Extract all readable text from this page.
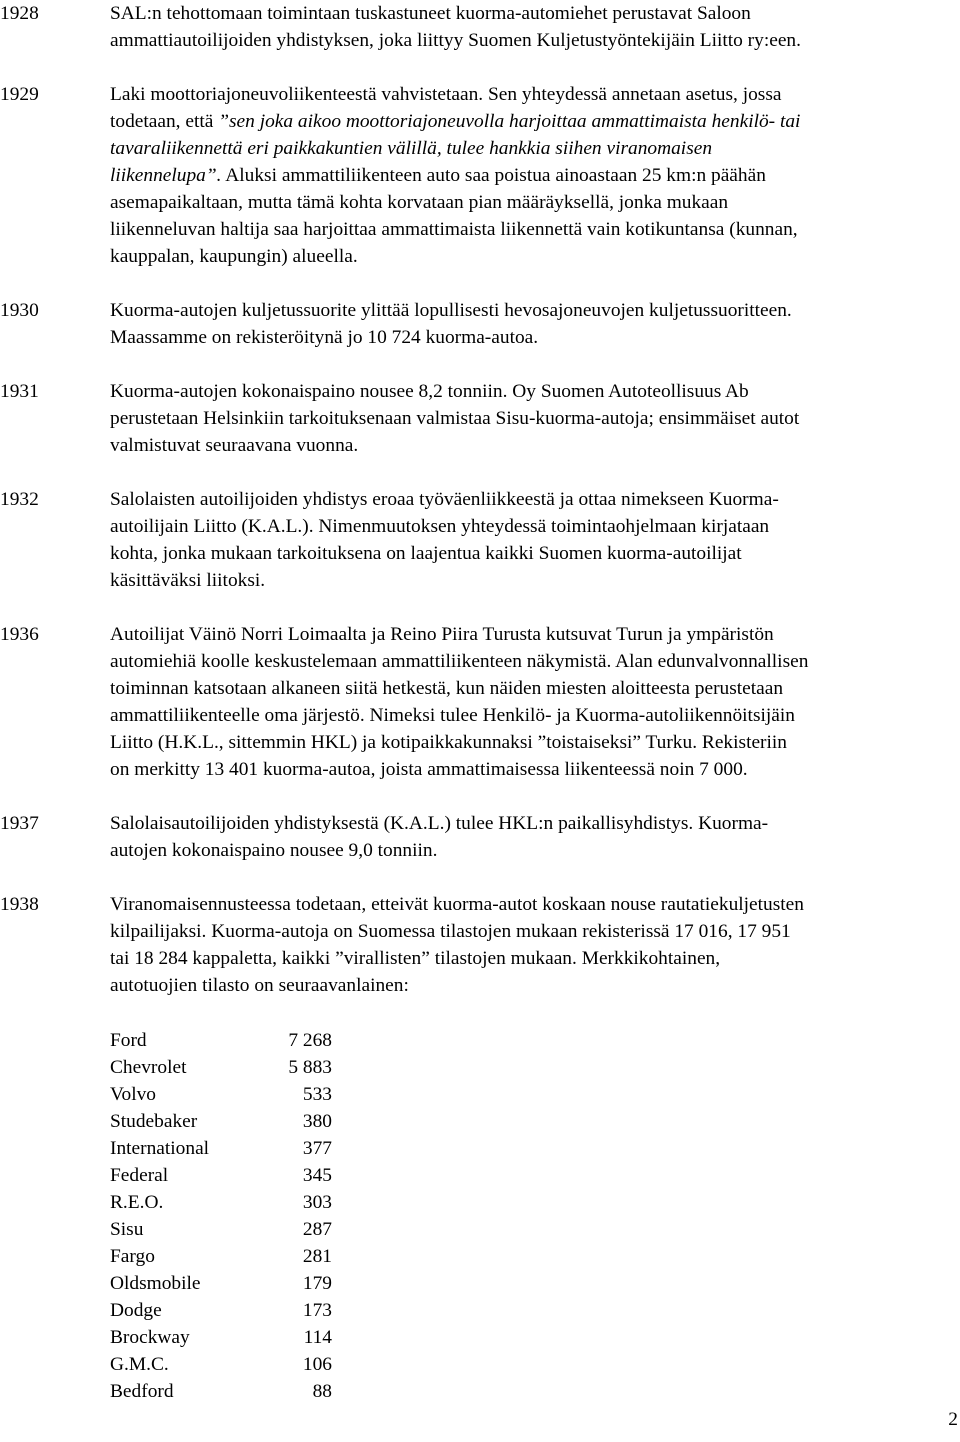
1928	SAL:n tehottomaan toimintaan tuskastuneet kuorma-automiehet perustavat Saloon
ammattiautoilijoiden yhdistyksen, joka liittyy Suomen Kuljetustyöntekijäin Liitto ry:een.
1929	Laki moottoriajoneuvoliikenteestä vahvistetaan. Sen yhteydessä annetaan asetus, jossa
todetaan, että ”sen joka aikoo moottoriajoneuvolla harjoittaa ammattimaista henkilö- tai
tavaraliikennettä eri paikkakuntien välillä, tulee hankkia siihen viranomaisen
liikennelupa”. Aluksi ammattiliikenteen auto saa poistua ainoastaan 25 km:n päähän
asemapaikaltaan, mutta tämä kohta korvataan pian määräyksellä, jonka mukaan
liikenneluvan haltija saa harjoittaa ammattimaista liikennettä vain kotikuntansa (kunnan,
kauppalan, kaupungin) alueella.
1930	Kuorma-autojen kuljetussuorite ylittää lopullisesti hevosajoneuvojen kuljetussuoritteen.
Maassamme on rekisteröitynä jo 10 724 kuorma-autoa.
1931	Kuorma-autojen kokonaispaino nousee 8,2 tonniin. Oy Suomen Autoteollisuus Ab
perustetaan Helsinkiin tarkoituksenaan valmistaa Sisu-kuorma-autoja; ensimmäiset autot
valmistuvat seuraavana vuonna.
1932	Salolaisten autoilijoiden yhdistys eroaa työväenliikkeestä ja ottaa nimekseen Kuorma-
autoilijain Liitto (K.A.L.). Nimenmuutoksen yhteydessä toimintaohjelmaan kirjataan
kohta, jonka mukaan tarkoituksena on laajentua kaikki Suomen kuorma-autoilijat
käsittäväksi liitoksi.
1936	Autoilijat Väinö Norri Loimaalta ja Reino Piira Turusta kutsuvat Turun ja ympäristön
automiehiä koolle keskustelemaan ammattiliikenteen näkymistä. Alan edunvalvonnallisen
toiminnan katsotaan alkaneen siitä hetkestä, kun näiden miesten aloitteesta perustetaan
ammattiliikenteelle oma järjestö. Nimeksi tulee Henkilö- ja Kuorma-autoliikennöitsijäin
Liitto (H.K.L., sittemmin HKL) ja kotipaikkakunnaksi ”toistaiseksi” Turku. Rekisteriin
on merkitty 13 401 kuorma-autoa, joista ammattimaisessa liikenteessä noin 7 000.
1937	Salolaisautoilijoiden yhdistyksestä (K.A.L.) tulee HKL:n paikallisyhdistys. Kuorma-
autojen kokonaispaino nousee 9,0 tonniin.
1938	Viranomaisennusteessa todetaan, etteivät kuorma-autot koskaan nouse rautatiekuljetusten
kilpailijaksi. Kuorma-autoja on Suomessa tilastojen mukaan rekisterissä 17 016, 17 951
tai 18 284 kappaletta, kaikki ”virallisten” tilastojen mukaan. Merkkikohtainen,
autotuojien tilasto on seuraavanlainen:
Ford	7 268
Chevrolet	5 883
Volvo	533
Studebaker	380
International	377
Federal	345
R.E.O.	303
Sisu	287
Fargo	281
Oldsmobile	179
Dodge	173
Brockway	114
G.M.C.	106
Bedford	88
2
